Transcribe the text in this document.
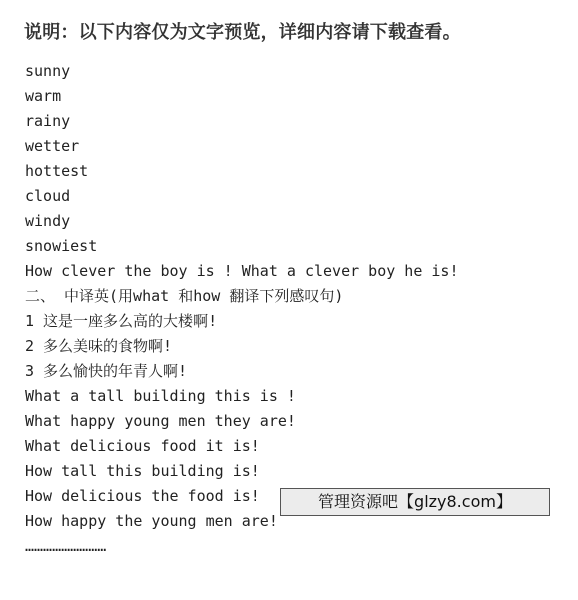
说明：以下内容仅为文字预览，详细内容请下载查看。
sunny
warm
rainy
wetter
hottest
cloud
windy
snowiest
How clever the boy is ! What a clever boy he is!
二、 中译英(用what 和how 翻译下列感叹句)
1 这是一座多么高的大楼啊!
2 多么美味的食物啊!
3 多么愉快的年青人啊!
What a tall building this is !
What happy young men they are!
What delicious food it is!
How tall this building is!
How delicious the food is!
How happy the young men are!
………………………
管理资源吧【glzy8.com】
